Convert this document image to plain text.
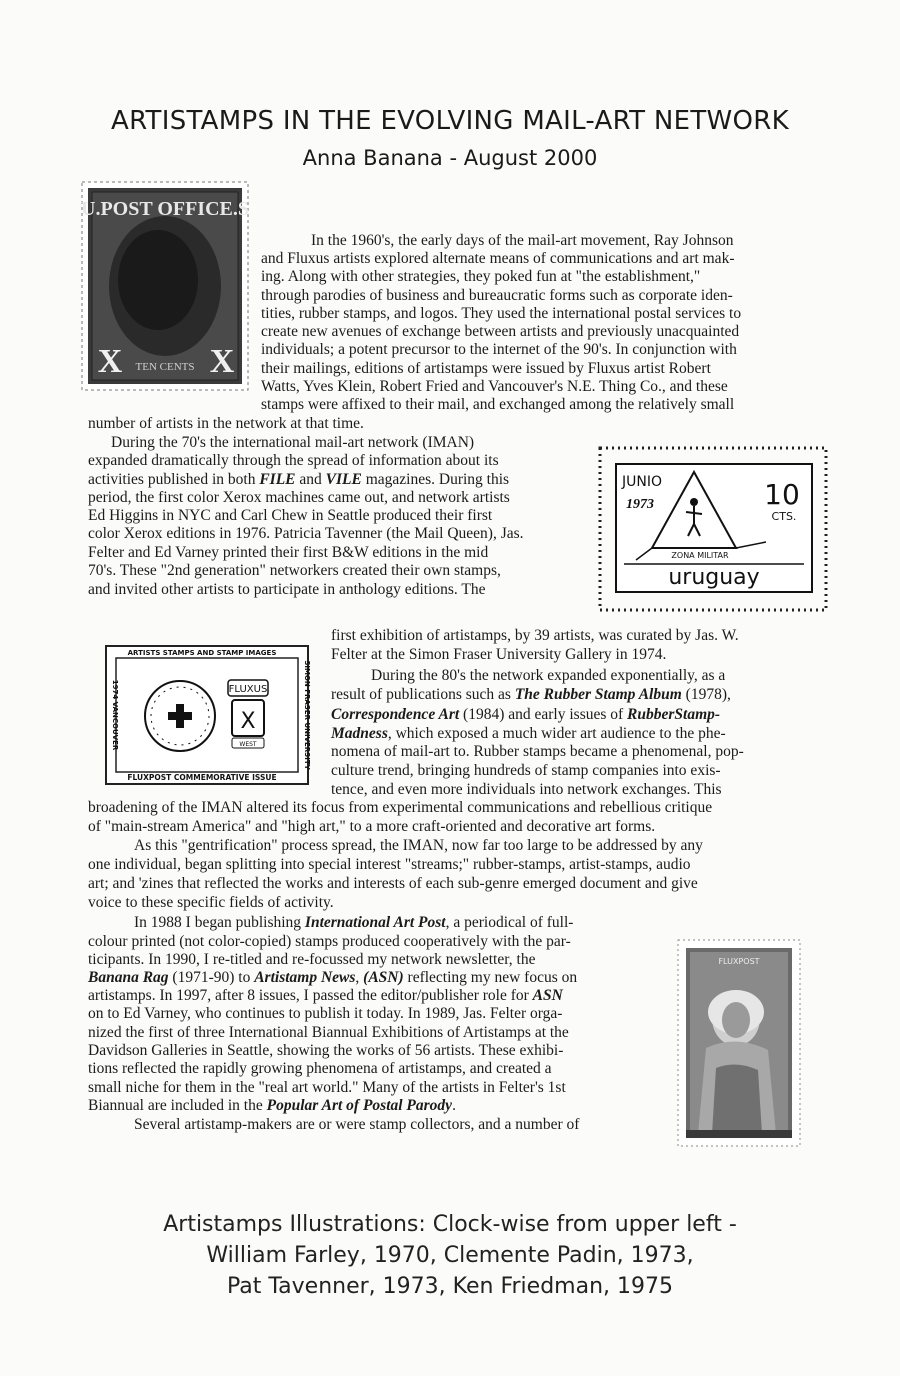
ARTISTAMPS IN THE EVOLVING MAIL-ART NETWORK
Anna Banana - August 2000
U.POST OFFICE.S
X	X
TEN CENTS
JUNIO
1973	10
CTS.
ZONA MILITAR
uruguay
ARTISTS STAMPS AND STAMP IMAGES
FLUXPOST COMMEMORATIVE ISSUE
SIMON FRASER UNIVERSITY
1974 VANCOUVER	FLUXUS
X
WEST
FLUXPOST
In the 1960's, the early days of the mail-art movement, Ray Johnson
and Fluxus artists explored alternate means of communications and art mak-
ing. Along with other strategies, they poked fun at "the establishment,"
through parodies of business and bureaucratic forms such as corporate iden-
tities, rubber stamps, and logos. They used the international postal services to
create new avenues of exchange between artists and previously unacquainted
individuals; a potent precursor to the internet of the 90's. In conjunction with
their mailings, editions of artistamps were issued by Fluxus artist Robert
Watts, Yves Klein, Robert Fried and Vancouver's N.E. Thing Co., and these
stamps were affixed to their mail, and exchanged among the relatively small
number of artists in the network at that time.
During the 70's the international mail-art network (IMAN)
expanded dramatically through the spread of information about its
activities published in both FILE and VILE magazines. During this
period, the first color Xerox machines came out, and network artists
Ed Higgins in NYC and Carl Chew in Seattle produced their first
color Xerox editions in 1976. Patricia Tavenner (the Mail Queen), Jas.
Felter and Ed Varney printed their first B&W editions in the mid
70's. These "2nd generation" networkers created their own stamps,
and invited other artists to participate in anthology editions. The
first exhibition of artistamps, by 39 artists, was curated by Jas. W.
Felter at the Simon Fraser University Gallery in 1974.
During the 80's the network expanded exponentially, as a
result of publications such as The Rubber Stamp Album (1978),
Correspondence Art (1984) and early issues of RubberStamp-
Madness, which exposed a much wider art audience to the phe-
nomena of mail-art to. Rubber stamps became a phenomenal, pop-
culture trend, bringing hundreds of stamp companies into exis-
tence, and even more individuals into network exchanges. This
broadening of the IMAN altered its focus from experimental communications and rebellious critique
of "main-stream America" and "high art," to a more craft-oriented and decorative art forms.
As this "gentrification" process spread, the IMAN, now far too large to be addressed by any
one individual, began splitting into special interest "streams;" rubber-stamps, artist-stamps, audio
art; and 'zines that reflected the works and interests of each sub-genre emerged document and give
voice to these specific fields of activity.
In 1988 I began publishing International Art Post, a periodical of full-
colour printed (not color-copied) stamps produced cooperatively with the par-
ticipants. In 1990, I re-titled and re-focussed my network newsletter, the
Banana Rag (1971-90) to Artistamp News, (ASN) reflecting my new focus on
artistamps. In 1997, after 8 issues, I passed the editor/publisher role for ASN
on to Ed Varney, who continues to publish it today. In 1989, Jas. Felter orga-
nized the first of three International Biannual Exhibitions of Artistamps at the
Davidson Galleries in Seattle, showing the works of 56 artists. These exhibi-
tions reflected the rapidly growing phenomena of artistamps, and created a
small niche for them in the "real art world." Many of the artists in Felter's 1st
Biannual are included in the Popular Art of Postal Parody.
Several artistamp-makers are or were stamp collectors, and a number of
Artistamps Illustrations: Clock-wise from upper left -
William Farley, 1970, Clemente Padin, 1973,
Pat Tavenner, 1973, Ken Friedman, 1975
